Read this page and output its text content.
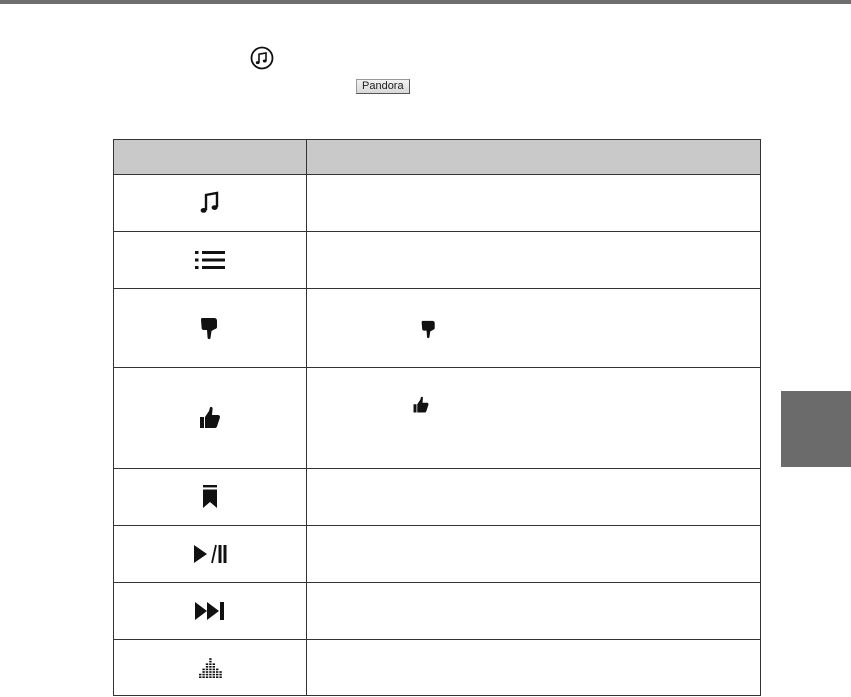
Pandora
